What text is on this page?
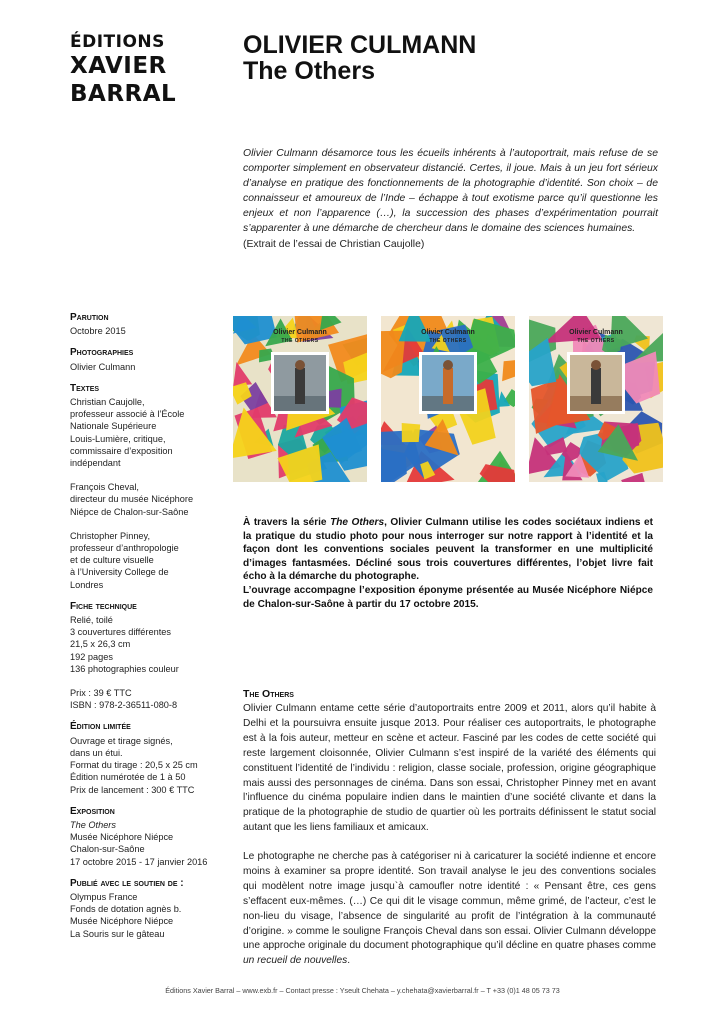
ÉDITIONS
XAVIER
BARRAL
OLIVIER CULMANN
The Others
Olivier Culmann désamorce tous les écueils inhérents à l’autoportrait, mais refuse de se comporter simplement en observateur distancié. Certes, il joue. Mais à un jeu fort sérieux d’analyse en pratique des fonctionnements de la photographie d’identité. Son choix – de connaisseur et amoureux de l’Inde – échappe à tout exotisme parce qu’il questionne les enjeux et non l’apparence (…), la succession des phases d’expérimentation pourrait s’apparenter à une démarche de chercheur dans le domaine des sciences humaines.
(Extrait de l’essai de Christian Caujolle)
Parution
Octobre 2015
Photographies
Olivier Culmann
Textes
Christian Caujolle,
professeur associé à l’École
Nationale Supérieure
Louis-Lumière, critique,
commissaire d’exposition
indépendant
François Cheval,
directeur du musée Nicéphore
Niépce de Chalon-sur-Saône
Christopher Pinney,
professeur d’anthropologie
et de culture visuelle
à l’University College de
Londres
Fiche technique
Relié, toilé
3 couvertures différentes
21,5 x 26,3 cm
192 pages
136 photographies couleur
Prix : 39 € TTC
ISBN : 978-2-36511-080-8
Édition limitée
Ouvrage et tirage signés,
dans un étui.
Format du tirage : 20,5 x 25 cm
Édition numérotée de 1 à 50
Prix de lancement : 300 € TTC
Exposition
The Others
Musée Nicéphore Niépce
Chalon-sur-Saône
17 octobre 2015 - 17 janvier 2016
Publié avec le soutien de :
Olympus France
Fonds de dotation agnès b.
Musée Nicéphore Niépce
La Souris sur le gâteau
Olivier Culmann
THE OTHERS
Olivier Culmann
THE OTHERS
Olivier Culmann
THE OTHERS
À travers la série The Others, Olivier Culmann utilise les codes sociétaux indiens et la pratique du studio photo pour nous interroger sur notre rapport à l’identité et la façon dont les conventions sociales peuvent la transformer en une multiplicité d’images fantasmées. Décliné sous trois couvertures différentes, l’objet livre fait écho à la démarche du photographe.
L’ouvrage accompagne l’exposition éponyme présentée au Musée Nicéphore Niépce de Chalon-sur-Saône à partir du 17 octobre 2015.
The Others
Olivier Culmann entame cette série d’autoportraits entre 2009 et 2011, alors qu’il habite à Delhi et la poursuivra ensuite jusque 2013. Pour réaliser ces autoportraits, le photographe est à la fois auteur, metteur en scène et acteur. Fasciné par les codes de cette société qui reste largement cloisonnée, Olivier Culmann s’est inspiré de la variété des éléments qui constituent l’identité de l’individu : religion, classe sociale, profession, origine géographique mais aussi des personnages de cinéma. Dans son essai, Christopher Pinney met en avant l’influence du cinéma populaire indien dans le maintien d’une société clivante et dans la pratique de la photographie de studio de quartier où les portraits définissent le statut social autant que les liens familiaux et amicaux.
Le photographe ne cherche pas à catégoriser ni à caricaturer la société indienne et encore moins à examiner sa propre identité. Son travail analyse le jeu des conventions sociales qui modèlent notre image jusqu`à camoufler notre identité : « Pensant être, ces gens s’effacent eux-mêmes. (…) Ce qui dit le visage commun, même grimé, de l’acteur, c’est le non-lieu du visage, l’absence de singularité au profit de l’intégration à la communauté d’origine. » comme le souligne François Cheval dans son essai. Olivier Culmann développe une approche originale du document photographique qu’il décline en quatre phases comme un recueil de nouvelles.
Éditions Xavier Barral – www.exb.fr – Contact presse : Yseult Chehata – y.chehata@xavierbarral.fr – T +33 (0)1 48 05 73 73
